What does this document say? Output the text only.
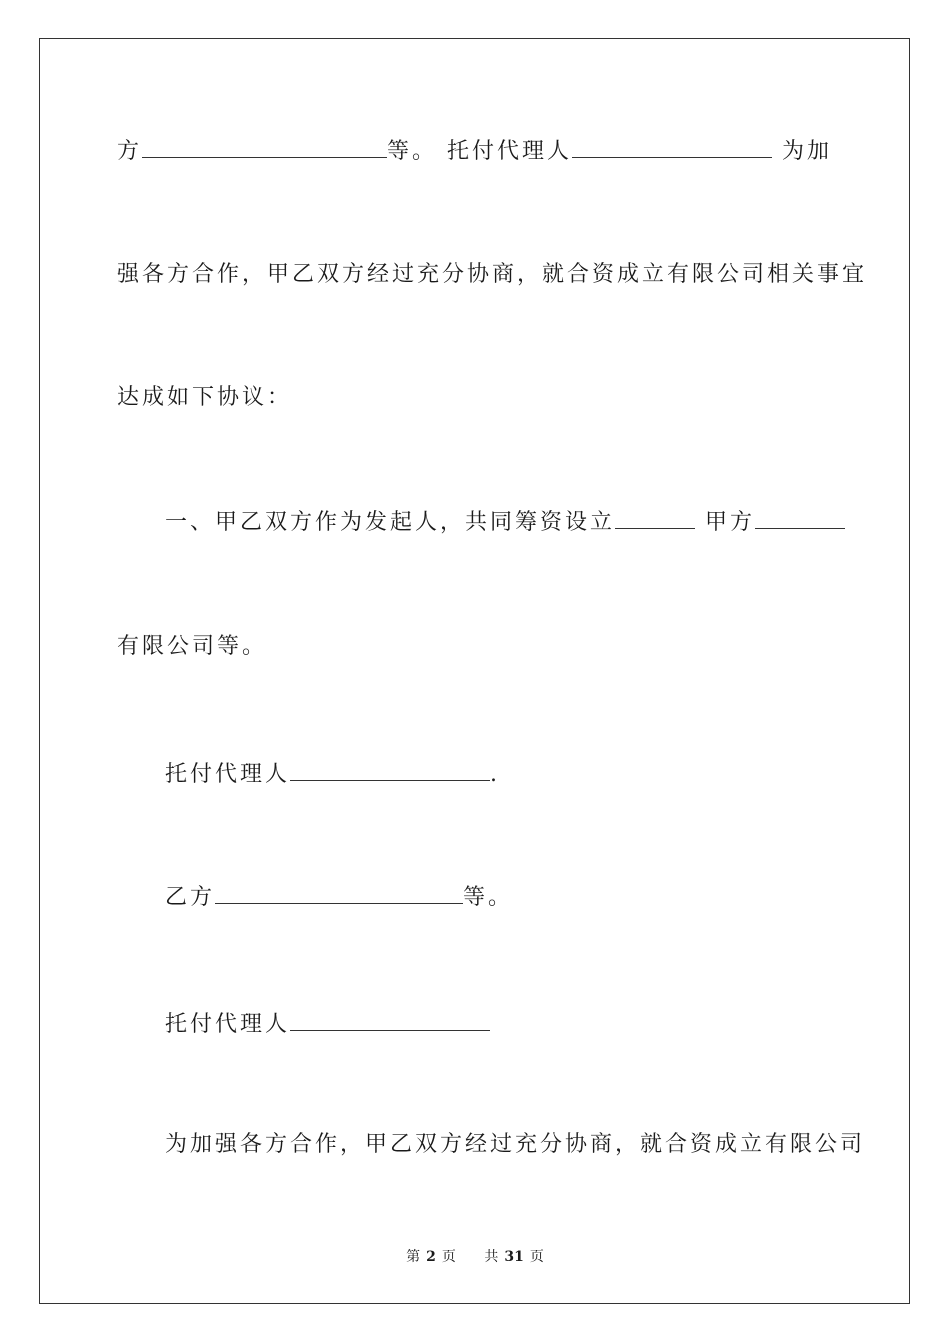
方	等。 托付代理人	为加
强各方合作，甲乙双方经过充分协商，就合资成立有限公司相关事宜
达成如下协议：
一、甲乙双方作为发起人，共同筹资设立	甲方
有限公司等。
托付代理人	.
乙方	等。
托付代理人
为加强各方合作，甲乙双方经过充分协商，就合资成立有限公司
第 2 页 共 31 页
